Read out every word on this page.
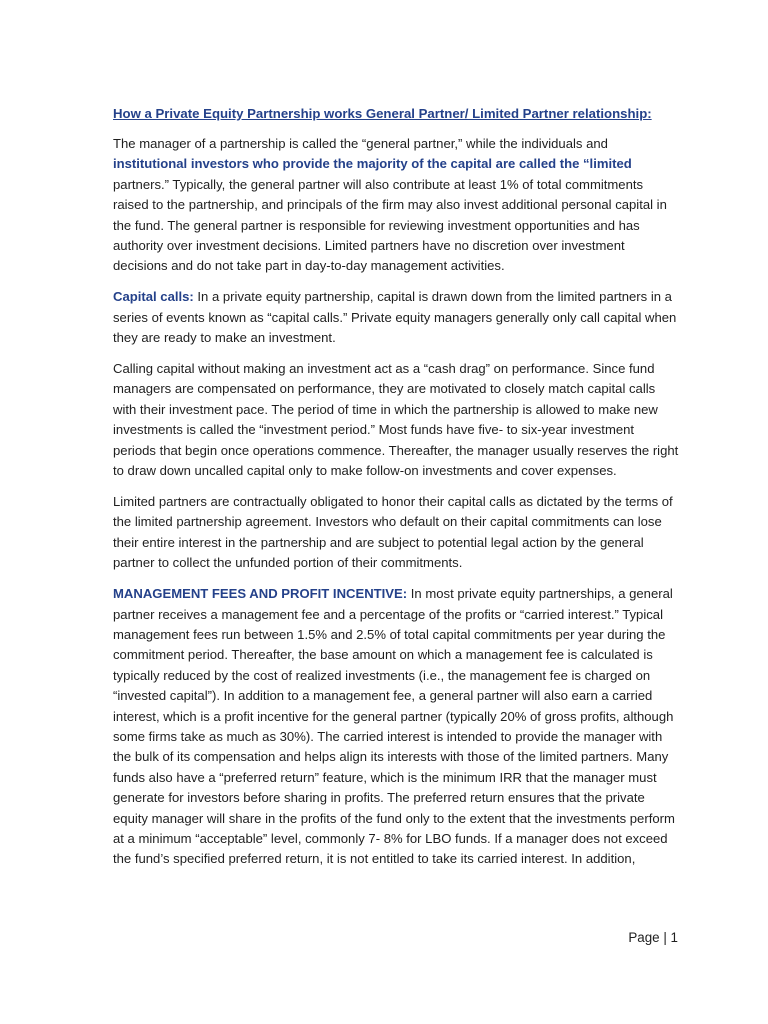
How a Private Equity Partnership works General Partner/ Limited Partner relationship:

The manager of a partnership is called the “general partner,” while the individuals and institutional investors who provide the majority of the capital are called the “limited partners.” Typically, the general partner will also contribute at least 1% of total commitments raised to the partnership, and principals of the firm may also invest additional personal capital in the fund. The general partner is responsible for reviewing investment opportunities and has authority over investment decisions. Limited partners have no discretion over investment decisions and do not take part in day-to-day management activities.

Capital calls: In a private equity partnership, capital is drawn down from the limited partners in a series of events known as “capital calls.” Private equity managers generally only call capital when they are ready to make an investment.

Calling capital without making an investment act as a “cash drag” on performance. Since fund managers are compensated on performance, they are motivated to closely match capital calls with their investment pace. The period of time in which the partnership is allowed to make new investments is called the “investment period.” Most funds have five- to six-year investment periods that begin once operations commence. Thereafter, the manager usually reserves the right to draw down uncalled capital only to make follow-on investments and cover expenses.

Limited partners are contractually obligated to honor their capital calls as dictated by the terms of the limited partnership agreement. Investors who default on their capital commitments can lose their entire interest in the partnership and are subject to potential legal action by the general partner to collect the unfunded portion of their commitments.

MANAGEMENT FEES AND PROFIT INCENTIVE: In most private equity partnerships, a general partner receives a management fee and a percentage of the profits or “carried interest.” Typical management fees run between 1.5% and 2.5% of total capital commitments per year during the commitment period. Thereafter, the base amount on which a management fee is calculated is typically reduced by the cost of realized investments (i.e., the management fee is charged on “invested capital”). In addition to a management fee, a general partner will also earn a carried interest, which is a profit incentive for the general partner (typically 20% of gross profits, although some firms take as much as 30%). The carried interest is intended to provide the manager with the bulk of its compensation and helps align its interests with those of the limited partners. Many funds also have a “preferred return” feature, which is the minimum IRR that the manager must generate for investors before sharing in profits. The preferred return ensures that the private equity manager will share in the profits of the fund only to the extent that the investments perform at a minimum “acceptable” level, commonly 7- 8% for LBO funds. If a manager does not exceed the fund’s specified preferred return, it is not entitled to take its carried interest. In addition,

Page | 1
